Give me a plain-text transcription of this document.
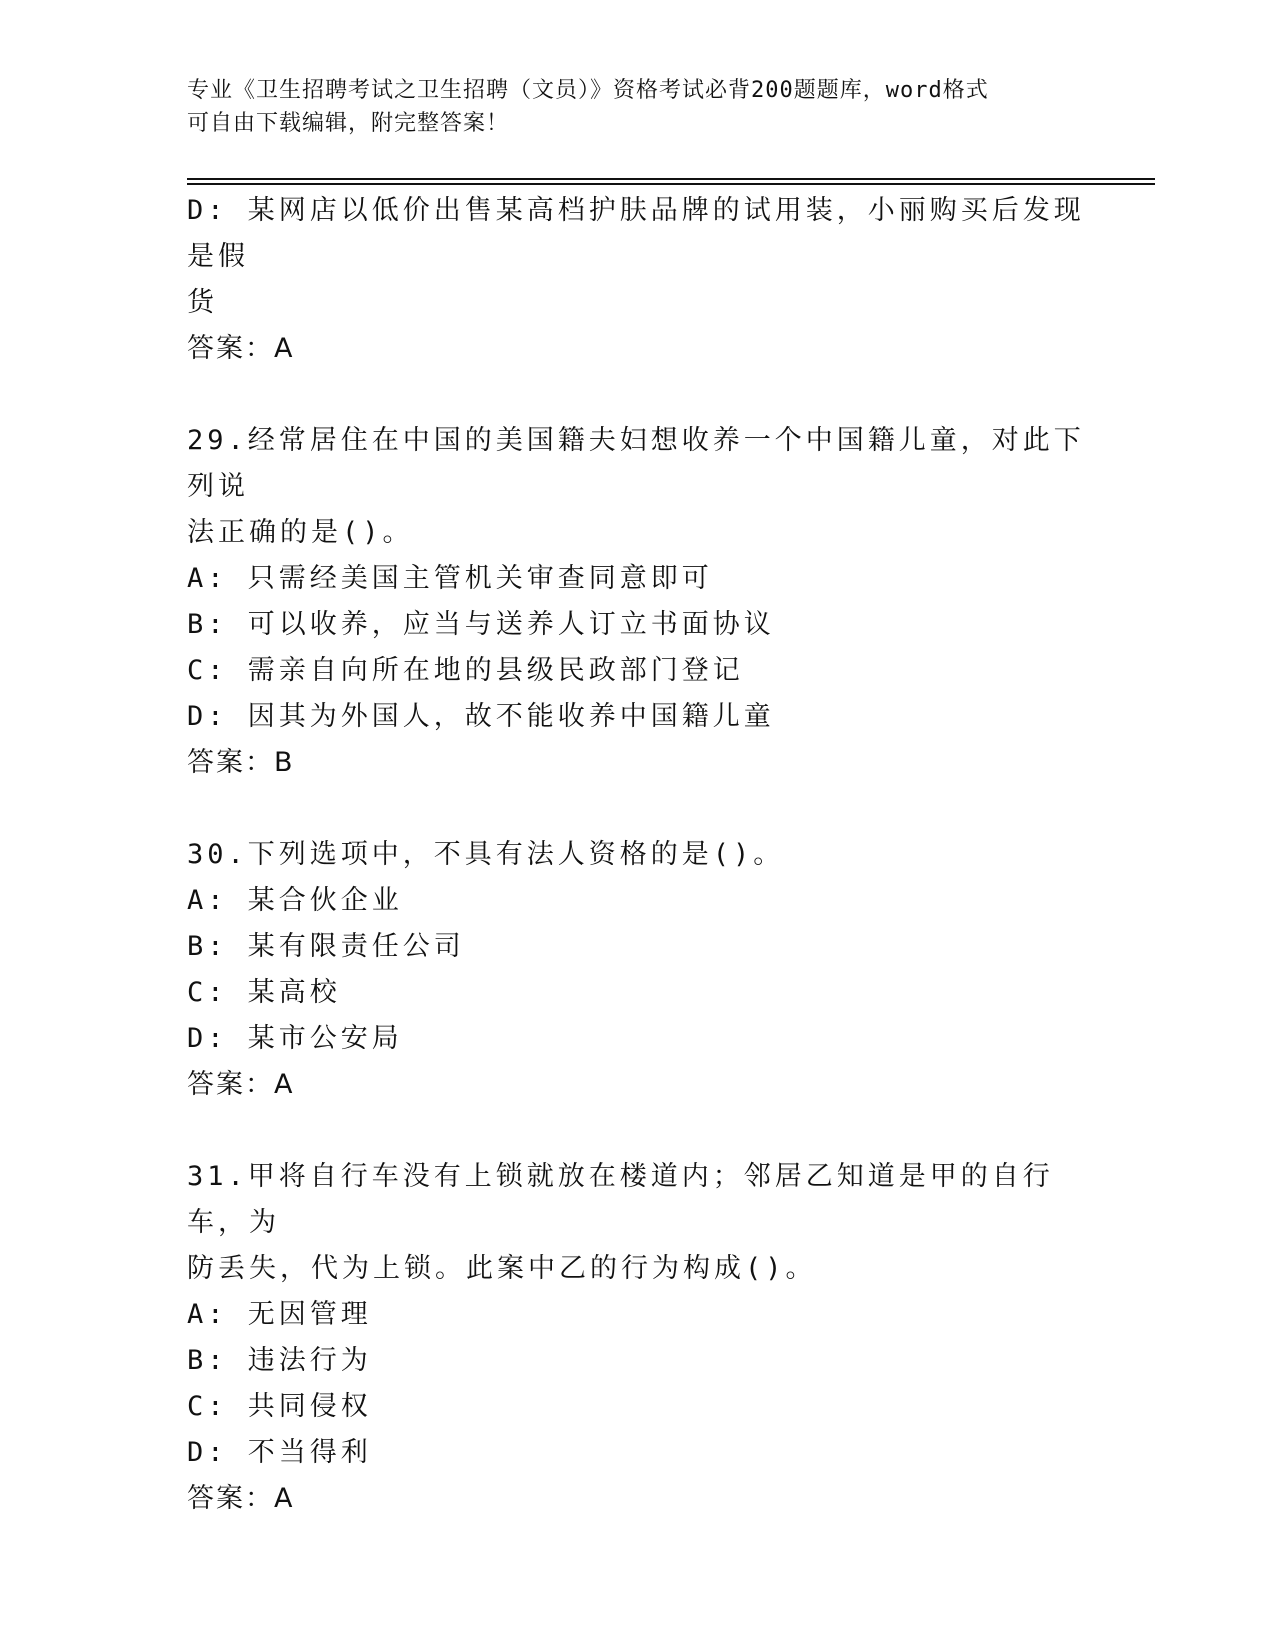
专业《卫生招聘考试之卫生招聘（文员）》资格考试必背200题题库，word格式
可自由下载编辑，附完整答案！
D: 某网店以低价出售某高档护肤品牌的试用装，小丽购买后发现是假
货
答案：A
29.经常居住在中国的美国籍夫妇想收养一个中国籍儿童，对此下列说
法正确的是()。
A: 只需经美国主管机关审查同意即可
B: 可以收养，应当与送养人订立书面协议
C: 需亲自向所在地的县级民政部门登记
D: 因其为外国人，故不能收养中国籍儿童
答案：B
30.下列选项中，不具有法人资格的是()。
A: 某合伙企业
B: 某有限责任公司
C: 某高校
D: 某市公安局
答案：A
31.甲将自行车没有上锁就放在楼道内；邻居乙知道是甲的自行车，为
防丢失，代为上锁。此案中乙的行为构成()。
A: 无因管理
B: 违法行为
C: 共同侵权
D: 不当得利
答案：A
